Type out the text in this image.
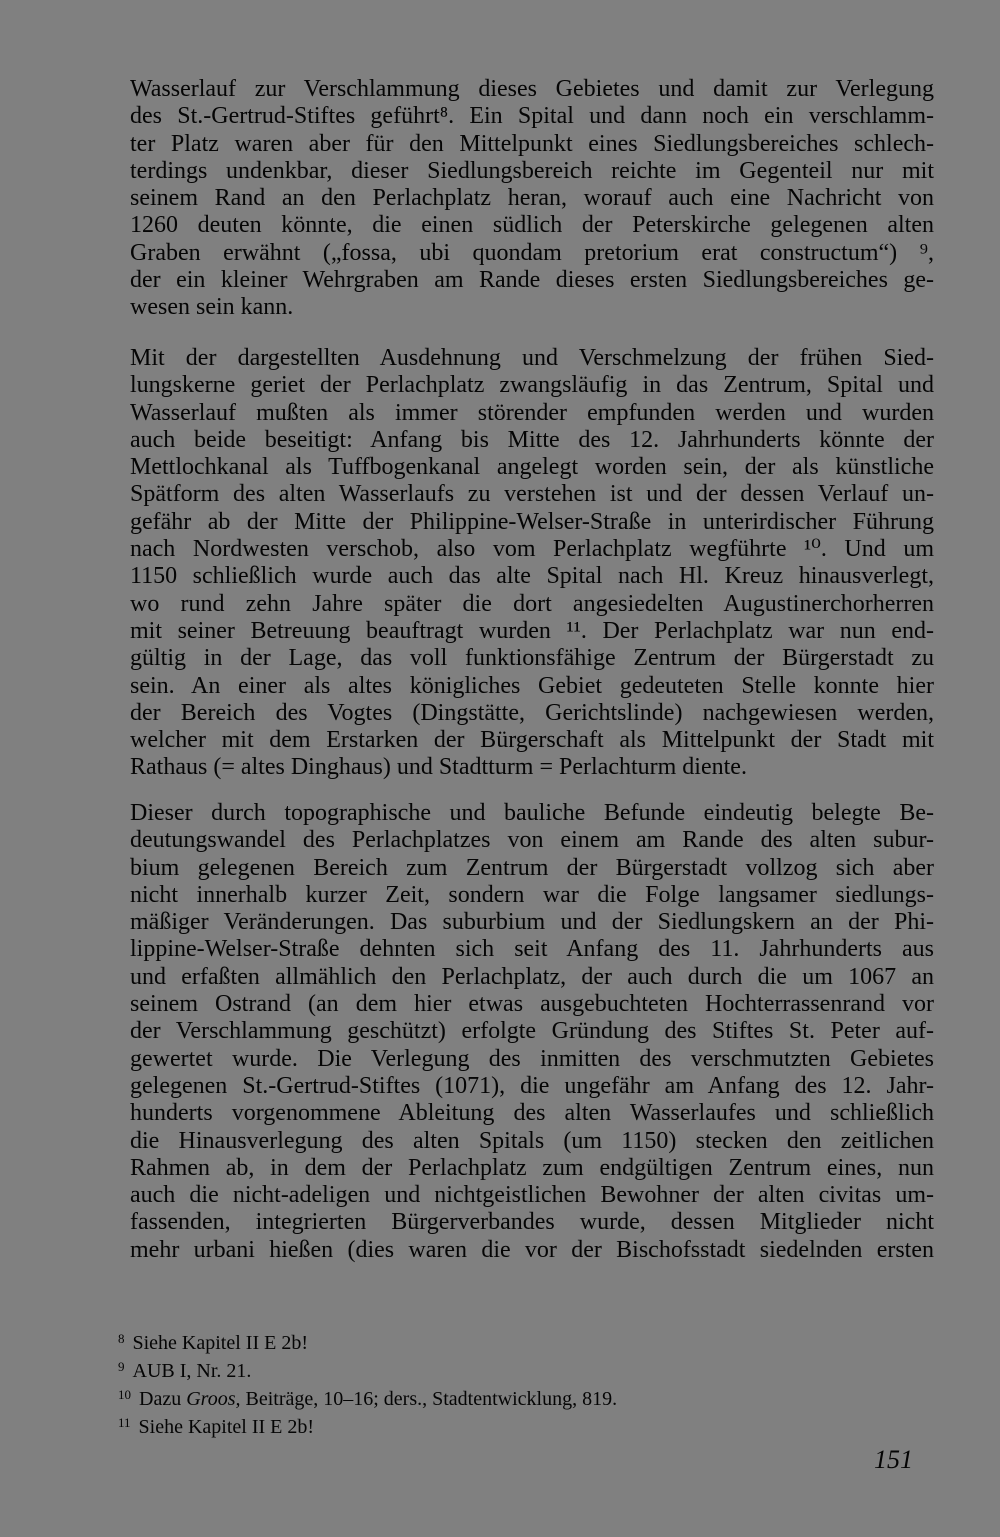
Wasserlauf zur Verschlammung dieses Gebietes und damit zur Verlegung
des St.-Gertrud-Stiftes geführt⁸. Ein Spital und dann noch ein verschlamm-
ter Platz waren aber für den Mittelpunkt eines Siedlungsbereiches schlech-
terdings undenkbar, dieser Siedlungsbereich reichte im Gegenteil nur mit
seinem Rand an den Perlachplatz heran, worauf auch eine Nachricht von
1260 deuten könnte, die einen südlich der Peterskirche gelegenen alten
Graben erwähnt („fossa, ubi quondam pretorium erat constructum“) ⁹,
der ein kleiner Wehrgraben am Rande dieses ersten Siedlungsbereiches ge-
wesen sein kann.
Mit der dargestellten Ausdehnung und Verschmelzung der frühen Sied-
lungskerne geriet der Perlachplatz zwangsläufig in das Zentrum, Spital und
Wasserlauf mußten als immer störender empfunden werden und wurden
auch beide beseitigt: Anfang bis Mitte des 12. Jahrhunderts könnte der
Mettlochkanal als Tuffbogenkanal angelegt worden sein, der als künstliche
Spätform des alten Wasserlaufs zu verstehen ist und der dessen Verlauf un-
gefähr ab der Mitte der Philippine-Welser-Straße in unterirdischer Führung
nach Nordwesten verschob, also vom Perlachplatz wegführte ¹⁰. Und um
1150 schließlich wurde auch das alte Spital nach Hl. Kreuz hinausverlegt,
wo rund zehn Jahre später die dort angesiedelten Augustinerchorherren
mit seiner Betreuung beauftragt wurden ¹¹. Der Perlachplatz war nun end-
gültig in der Lage, das voll funktionsfähige Zentrum der Bürgerstadt zu
sein. An einer als altes königliches Gebiet gedeuteten Stelle konnte hier
der Bereich des Vogtes (Dingstätte, Gerichtslinde) nachgewiesen werden,
welcher mit dem Erstarken der Bürgerschaft als Mittelpunkt der Stadt mit
Rathaus (= altes Dinghaus) und Stadtturm = Perlachturm diente.
Dieser durch topographische und bauliche Befunde eindeutig belegte Be-
deutungswandel des Perlachplatzes von einem am Rande des alten subur-
bium gelegenen Bereich zum Zentrum der Bürgerstadt vollzog sich aber
nicht innerhalb kurzer Zeit, sondern war die Folge langsamer siedlungs-
mäßiger Veränderungen. Das suburbium und der Siedlungskern an der Phi-
lippine-Welser-Straße dehnten sich seit Anfang des 11. Jahrhunderts aus
und erfaßten allmählich den Perlachplatz, der auch durch die um 1067 an
seinem Ostrand (an dem hier etwas ausgebuchteten Hochterrassenrand vor
der Verschlammung geschützt) erfolgte Gründung des Stiftes St. Peter auf-
gewertet wurde. Die Verlegung des inmitten des verschmutzten Gebietes
gelegenen St.-Gertrud-Stiftes (1071), die ungefähr am Anfang des 12. Jahr-
hunderts vorgenommene Ableitung des alten Wasserlaufes und schließlich
die Hinausverlegung des alten Spitals (um 1150) stecken den zeitlichen
Rahmen ab, in dem der Perlachplatz zum endgültigen Zentrum eines, nun
auch die nicht-adeligen und nichtgeistlichen Bewohner der alten civitas um-
fassenden, integrierten Bürgerverbandes wurde, dessen Mitglieder nicht
mehr urbani hießen (dies waren die vor der Bischofsstadt siedelnden ersten
$^8$ Siehe Kapitel II E 2b!
$^9$ AUB I, Nr. 21.
$^{10}$ Dazu Groos, Beiträge, 10–16; ders., Stadtentwicklung, 819.
$^{11}$ Siehe Kapitel II E 2b!
151
